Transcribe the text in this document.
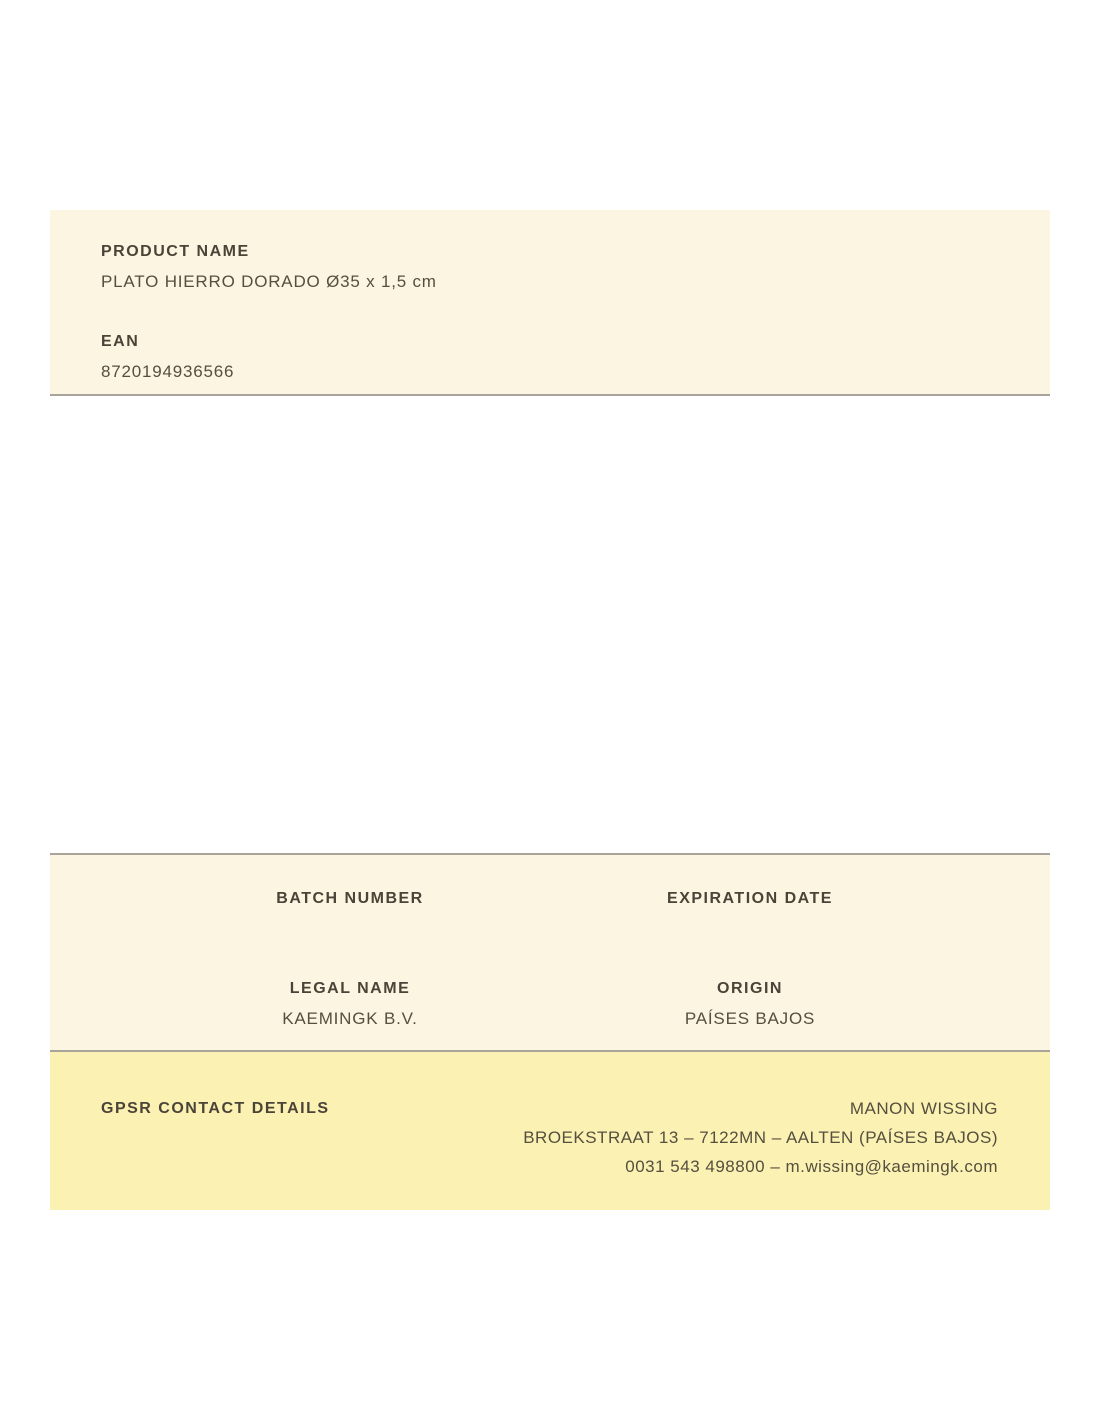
PRODUCT NAME
PLATO HIERRO DORADO Ø35 x 1,5 cm
EAN
8720194936566
BATCH NUMBER	EXPIRATION DATE
LEGAL NAME
KAEMINGK B.V.
ORIGIN
PAÍSES BAJOS
GPSR CONTACT DETAILS	MANON WISSING
BROEKSTRAAT 13 – 7122MN – AALTEN (PAÍSES BAJOS)
0031 543 498800 – m.wissing@kaemingk.com
